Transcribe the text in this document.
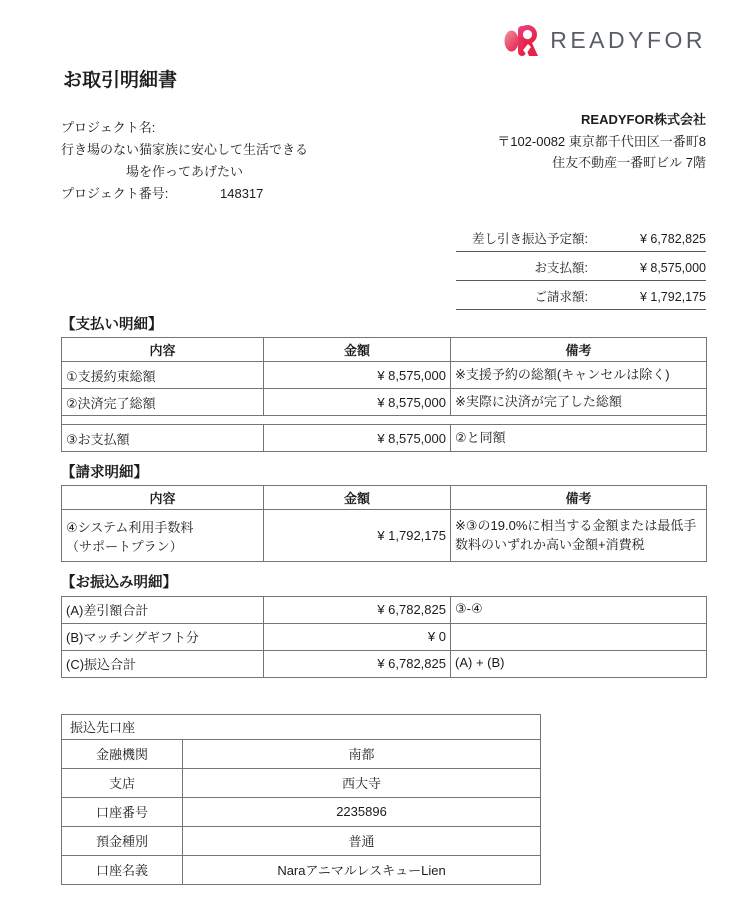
READYFOR
お取引明細書
プロジェクト名:
行き場のない猫家族に安心して生活できる
場を作ってあげたい
プロジェクト番号:	148317
READYFOR株式会社
〒102-0082 東京都千代田区一番町8
住友不動産一番町ビル 7階
差し引き振込予定額:	¥ 6,782,825
お支払額:	¥ 8,575,000
ご請求額:	¥ 1,792,175
【支払い明細】
内容	金額	備考
①支援約束総額	¥ 8,575,000	※支援予約の総額(キャンセルは除く)
②決済完了総額	¥ 8,575,000	※実際に決済が完了した総額

③お支払額	¥ 8,575,000	②と同額
【請求明細】
内容	金額	備考

④システム利用手数料
（サポートプラン）	¥ 1,792,175	※③の19.0%に相当する金額または最低手数料のいずれか高い金額+消費税
【お振込み明細】
(A)差引額合計	¥ 6,782,825	③-④
(B)マッチングギフト分	¥ 0	
(C)振込合計	¥ 6,782,825	(A) + (B)
振込先口座	
金融機関	南都
支店	西大寺
口座番号	2235896
預金種別	普通
口座名義	NaraアニマルレスキューLien
